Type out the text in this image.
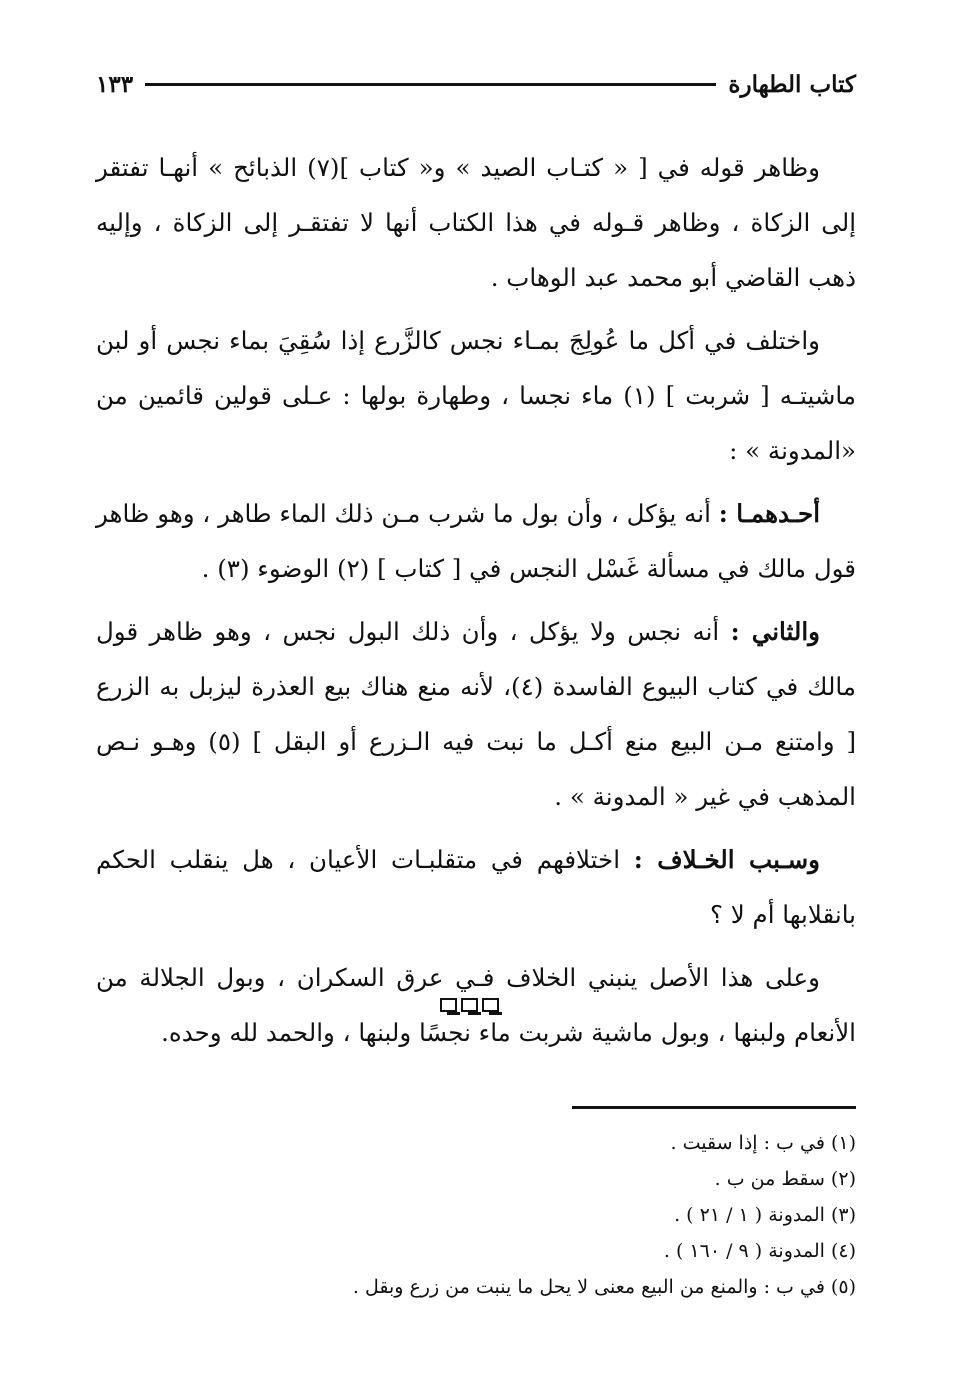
كتاب الطهارة
١٣٣

وظاهر قوله في [ « كتـاب الصيد » و« كتاب ](٧) الذبائح » أنهـا تفتقر إلى الزكاة ، وظاهر قـوله في هذا الكتاب أنها لا تفتقـر إلى الزكاة ، وإليه ذهب القاضي أبو محمد عبد الوهاب .

واختلف في أكل ما عُولِجَ بمـاء نجس كالزَّرع إذا سُقِيَ بماء نجس أو لبن ماشيتـه [ شربت ] (١) ماء نجسا ، وطهارة بولها : عـلى قولين قائمين من «المدونة » :

أحـدهمـا : أنه يؤكل ، وأن بول ما شرب مـن ذلك الماء طاهر ، وهو ظاهر قول مالك في مسألة غَسْل النجس في [ كتاب ] (٢) الوضوء (٣) .

والثاني : أنه نجس ولا يؤكل ، وأن ذلك البول نجس ، وهو ظاهر قول مالك في كتاب البيوع الفاسدة (٤)، لأنه منع هناك بيع العذرة ليزبل به الزرع [ وامتنع مـن البيع منع أكـل ما نبت فيه الـزرع أو البقل ] (٥) وهـو نـص المذهب في غير « المدونة » .

وسـبب الخـلاف : اختلافهم في متقلبـات الأعيان ، هل ينقلب الحكم بانقلابها أم لا ؟

وعلى هذا الأصل ينبني الخلاف فـي عرق السكران ، وبول الجلالة من الأنعام ولبنها ، وبول ماشية شربت ماء نجسًا ولبنها ، والحمد لله وحده.

(١) في ب : إذا سقيت .
(٢) سقط من ب .
(٣) المدونة ( ١ / ٢١ ) .
(٤) المدونة ( ٩ / ١٦٠ ) .
(٥) في ب : والمنع من البيع معنى لا يحل ما ينبت من زرع وبقل .
